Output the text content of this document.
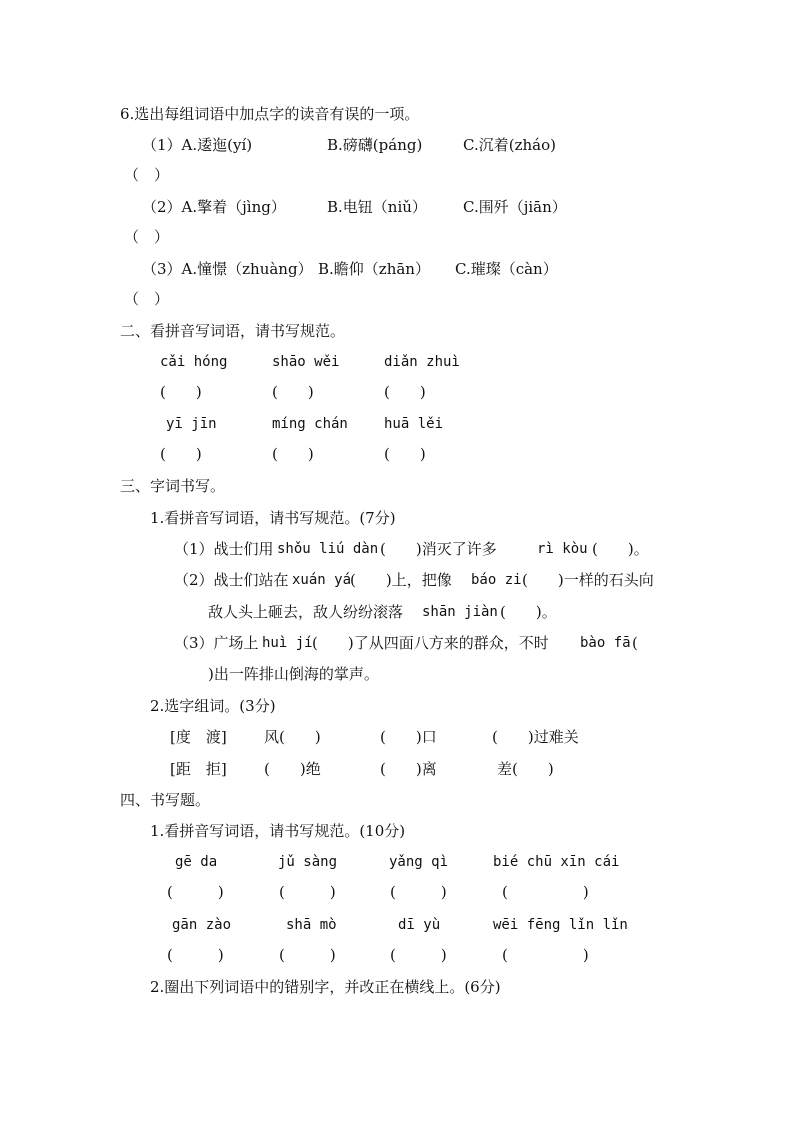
6.选出每组词语中加点字的读音有误的一项。
（1）A.逶迤(yí)	B.磅礴(páng)	C.沉着(zháo)
（　）
（2）A.擎着（jìng）	B.电钮（niǔ） C.围歼（jiān）
（　）
（3）A.憧憬（zhuàng） B.瞻仰（zhān） C.璀璨（càn）
（　）
二、看拼音写词语，请书写规范。
cǎi hóng	shāo wěi	diǎn zhuì
(　　)	(　　)	(　　)
yī jīn	míng chán	huā lěi
(　　)	(　　)	(　　)
三、字词书写。
1.看拼音写词语，请书写规范。(7分)
（1）战士们用 shǒu liú dàn (　　)消灭了许多	rì kòu (　　)。
（2）战士们站在 xuán yá
(　　)上，把像 báo zi (　　)一样的石头向
敌人头上砸去，敌人纷纷滚落 shān jiàn (　　)。
（3）广场上 huì jí (　　)了从四面八方来的群众，不时 bào fā (
)出一阵排山倒海的掌声。
2.选字组词。(3分)
[度　渡] 风(　　)	(　　)口	(　　)过难关
[距　拒] (　　)绝	(　　)离	差(　　)
四、书写题。
1.看拼音写词语，请书写规范。(10分)
gē da	jǔ sàng	yǎng qì	bié chū xīn cái
(　　　)	(　　　)	(　　　)	(　　　　　)
gān zào	shā mò	dī yù	wēi fēng lǐn lǐn
(　　　)	(　　　)	(　　　)	(　　　　　)
2.圈出下列词语中的错别字，并改正在横线上。(6分)
